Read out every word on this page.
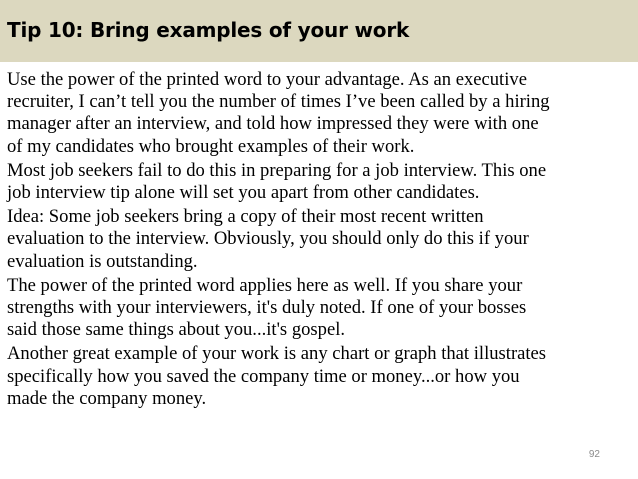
Tip 10: Bring examples of your work

Use the power of the printed word to your advantage. As an executive
recruiter, I can’t tell you the number of times I’ve been called by a hiring
manager after an interview, and told how impressed they were with one
of my candidates who brought examples of their work.

Most job seekers fail to do this in preparing for a job interview. This one
job interview tip alone will set you apart from other candidates.

Idea: Some job seekers bring a copy of their most recent written
evaluation to the interview. Obviously, you should only do this if your
evaluation is outstanding.

The power of the printed word applies here as well. If you share your
strengths with your interviewers, it's duly noted. If one of your bosses
said those same things about you...it's gospel.

Another great example of your work is any chart or graph that illustrates
specifically how you saved the company time or money...or how you
made the company money.

92
